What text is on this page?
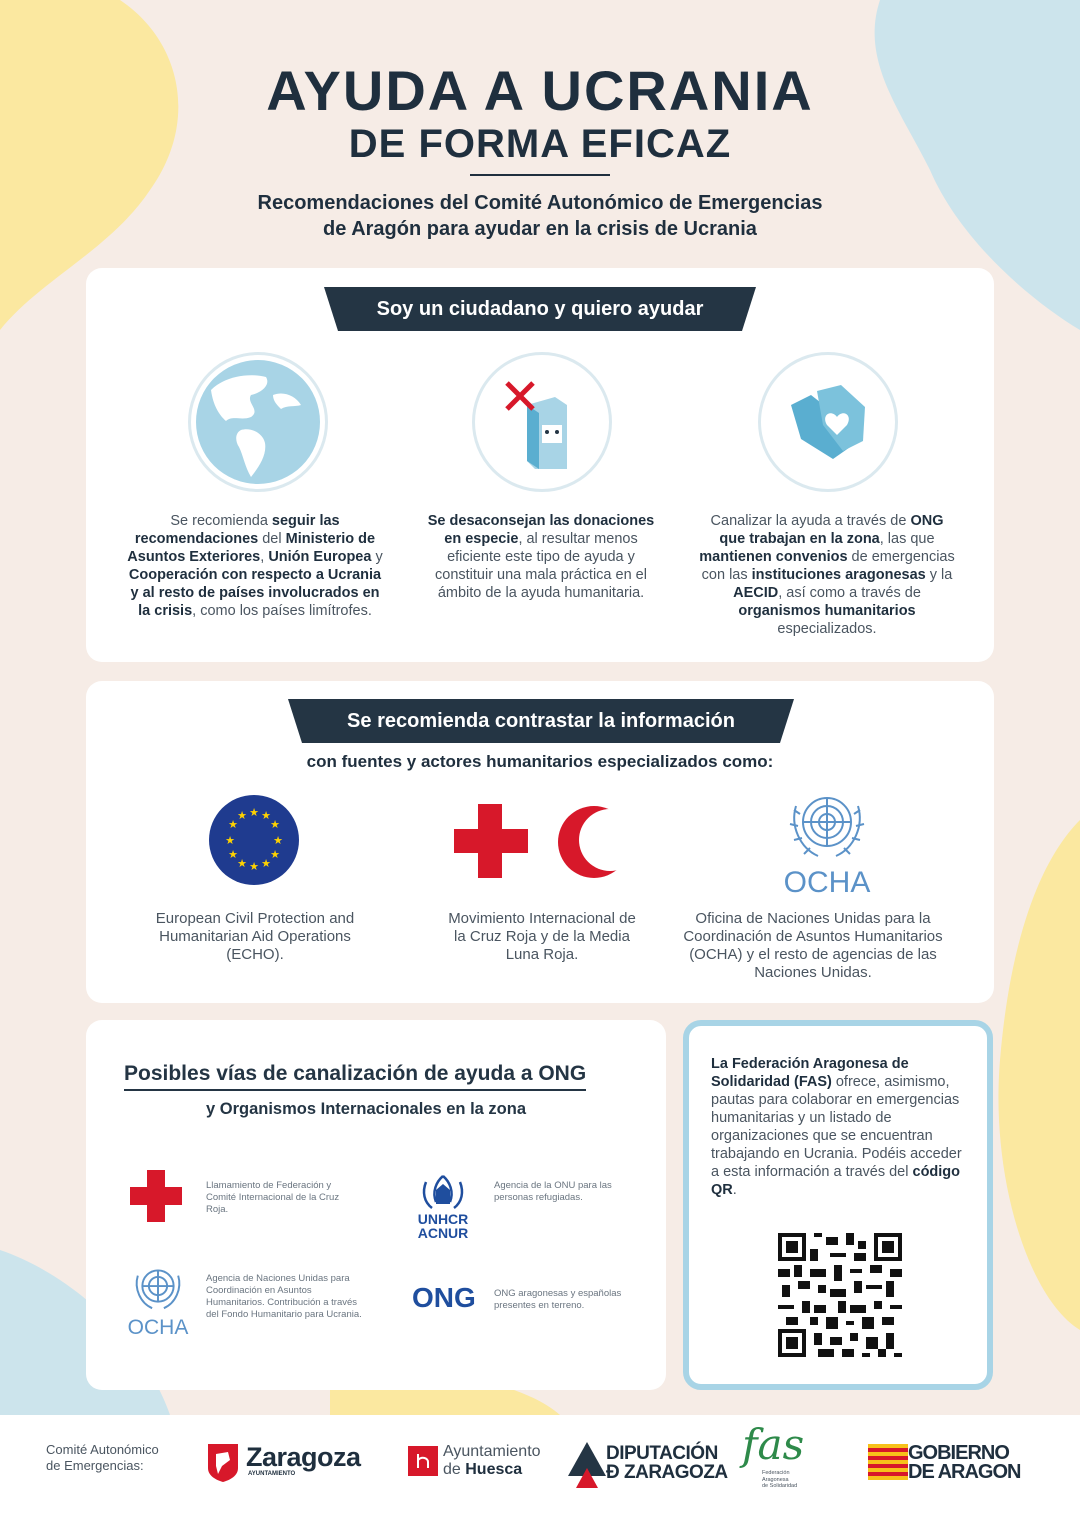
AYUDA A UCRANIA
DE FORMA EFICAZ
Recomendaciones del Comité Autonómico de Emergencias
de Aragón para ayudar en la crisis de Ucrania
Soy un ciudadano y quiero ayudar
Se recomienda seguir las recomendaciones del Ministerio de Asuntos Exteriores, Unión Europea y Cooperación con respecto a Ucrania y al resto de países involucrados en la crisis, como los países limítrofes.
Se desaconsejan las donaciones en especie, al resultar menos eficiente este tipo de ayuda y constituir una mala práctica en el ámbito de la ayuda humanitaria.
Canalizar la ayuda a través de ONG que trabajan en la zona, las que mantienen convenios de emergencias con las instituciones aragonesas y la AECID, así como a través de organismos humanitarios especializados.
Se recomienda contrastar la información
con fuentes y actores humanitarios especializados como:
★ ★
★
★
★
★
★
★
★
★
★
★
OCHA
European Civil Protection and Humanitarian Aid Operations (ECHO).
Movimiento Internacional de la Cruz Roja y de la Media Luna Roja.
Oficina de Naciones Unidas para la Coordinación de Asuntos Humanitarios (OCHA) y el resto de agencias de las Naciones Unidas.
Posibles vías de canalización de ayuda a ONG
y Organismos Internacionales en la zona
Llamamiento de Federación y Comité Internacional de la Cruz Roja.
UNHCR
ACNUR
Agencia de la ONU para las personas refugiadas.
OCHA
Agencia de Naciones Unidas para Coordinación en Asuntos Humanitarios. Contribución a través del Fondo Humanitario para Ucrania.
ONG ONG aragonesas y españolas presentes en terreno.
La Federación Aragonesa de Solidaridad (FAS) ofrece, asimismo, pautas para colaborar en emergencias humanitarias y un listado de organizaciones que se encuentran trabajando en Ucrania. Podéis acceder a esta información a través del código QR.
Comité Autonómico
de Emergencias:	Zaragoza
AYUNTAMIENTO
Ayuntamiento
de Huesca
DIPUTACIÓN
Ð ZARAGOZA
fas
Federación
Aragonesa
de Solidaridad
GOBIERNO
DE ARAGON
